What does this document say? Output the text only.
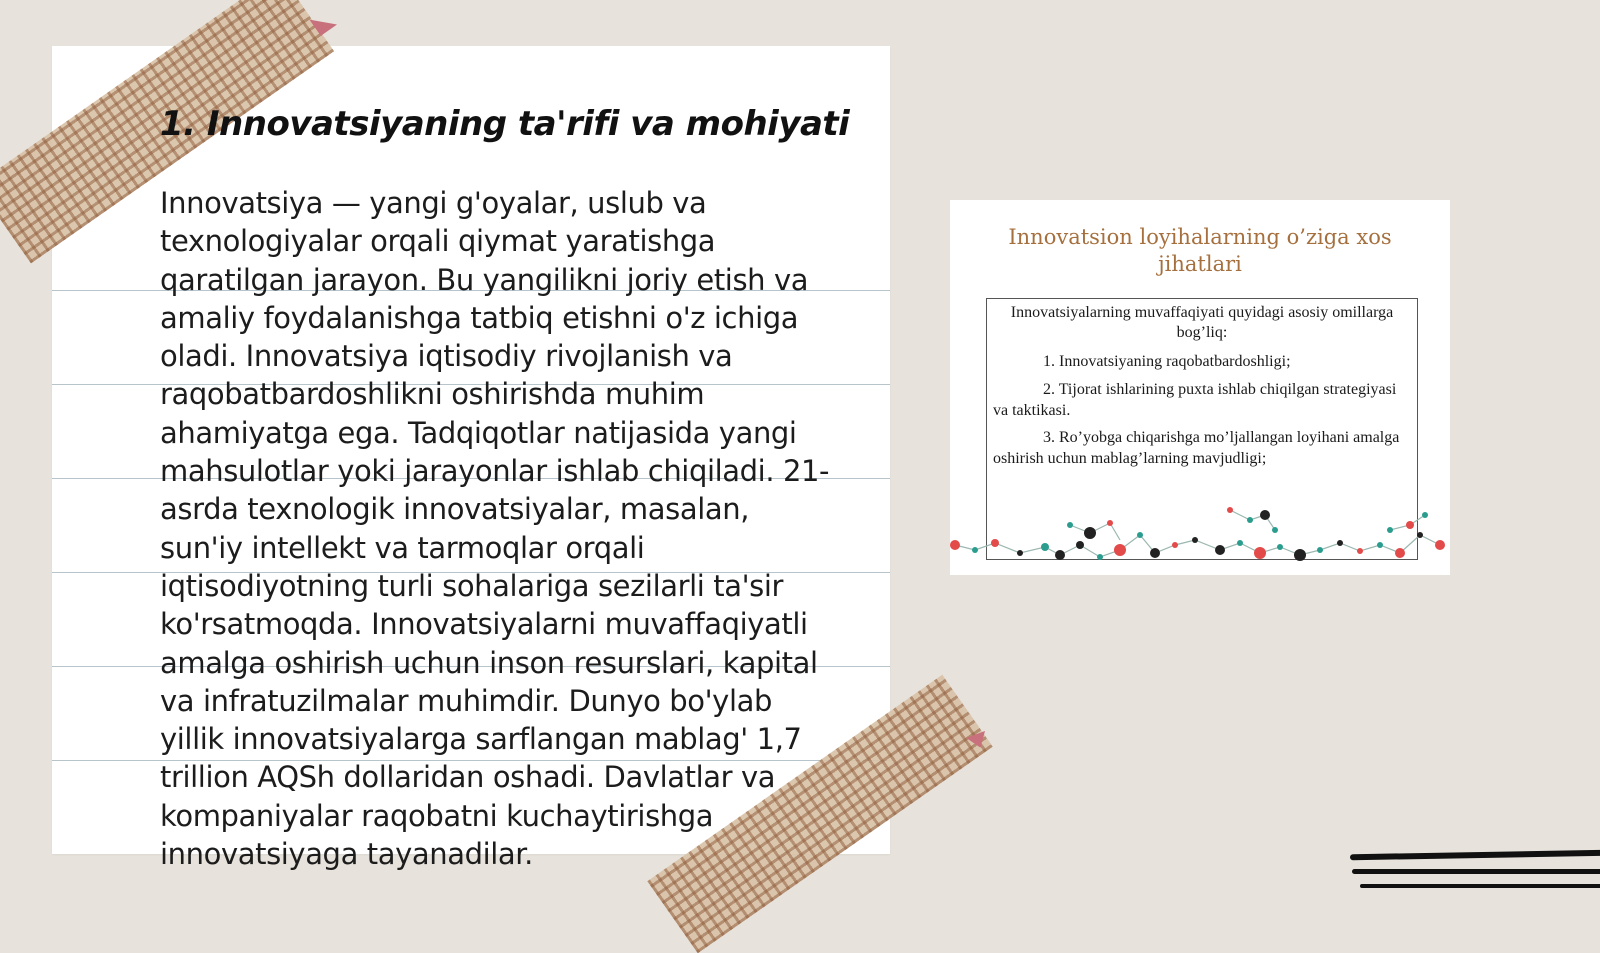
1. Innovatsiyaning ta'rifi va mohiyati

Innovatsiya — yangi g'oyalar, uslub va texnologiyalar orqali qiymat yaratishga qaratilgan jarayon. Bu yangilikni joriy etish va amaliy foydalanishga tatbiq etishni o'z ichiga oladi. Innovatsiya iqtisodiy rivojlanish va raqobatbardoshlikni oshirishda muhim ahamiyatga ega. Tadqiqotlar natijasida yangi mahsulotlar yoki jarayonlar ishlab chiqiladi. 21-asrda texnologik innovatsiyalar, masalan, sun'iy intellekt va tarmoqlar orqali iqtisodiyotning turli sohalariga sezilarli ta'sir ko'rsatmoqda. Innovatsiyalarni muvaffaqiyatli amalga oshirish uchun inson resurslari, kapital va infratuzilmalar muhimdir. Dunyo bo'ylab yillik innovatsiyalarga sarflangan mablag' 1,7 trillion AQSh dollaridan oshadi. Davlatlar va kompaniyalar raqobatni kuchaytirishga innovatsiyaga tayanadilar.

Innovatsion loyihalarning o’ziga xos jihatlari
Innovatsiyalarning muvaffaqiyati quyidagi asosiy omillarga bog’liq:
1. Innovatsiyaning raqobatbardoshligi;
2. Tijorat ishlarining puxta ishlab chiqilgan strategiyasi va taktikasi.
3. Ro’yobga chiqarishga mo’ljallangan loyihani amalga oshirish uchun mablag’larning mavjudligi;
